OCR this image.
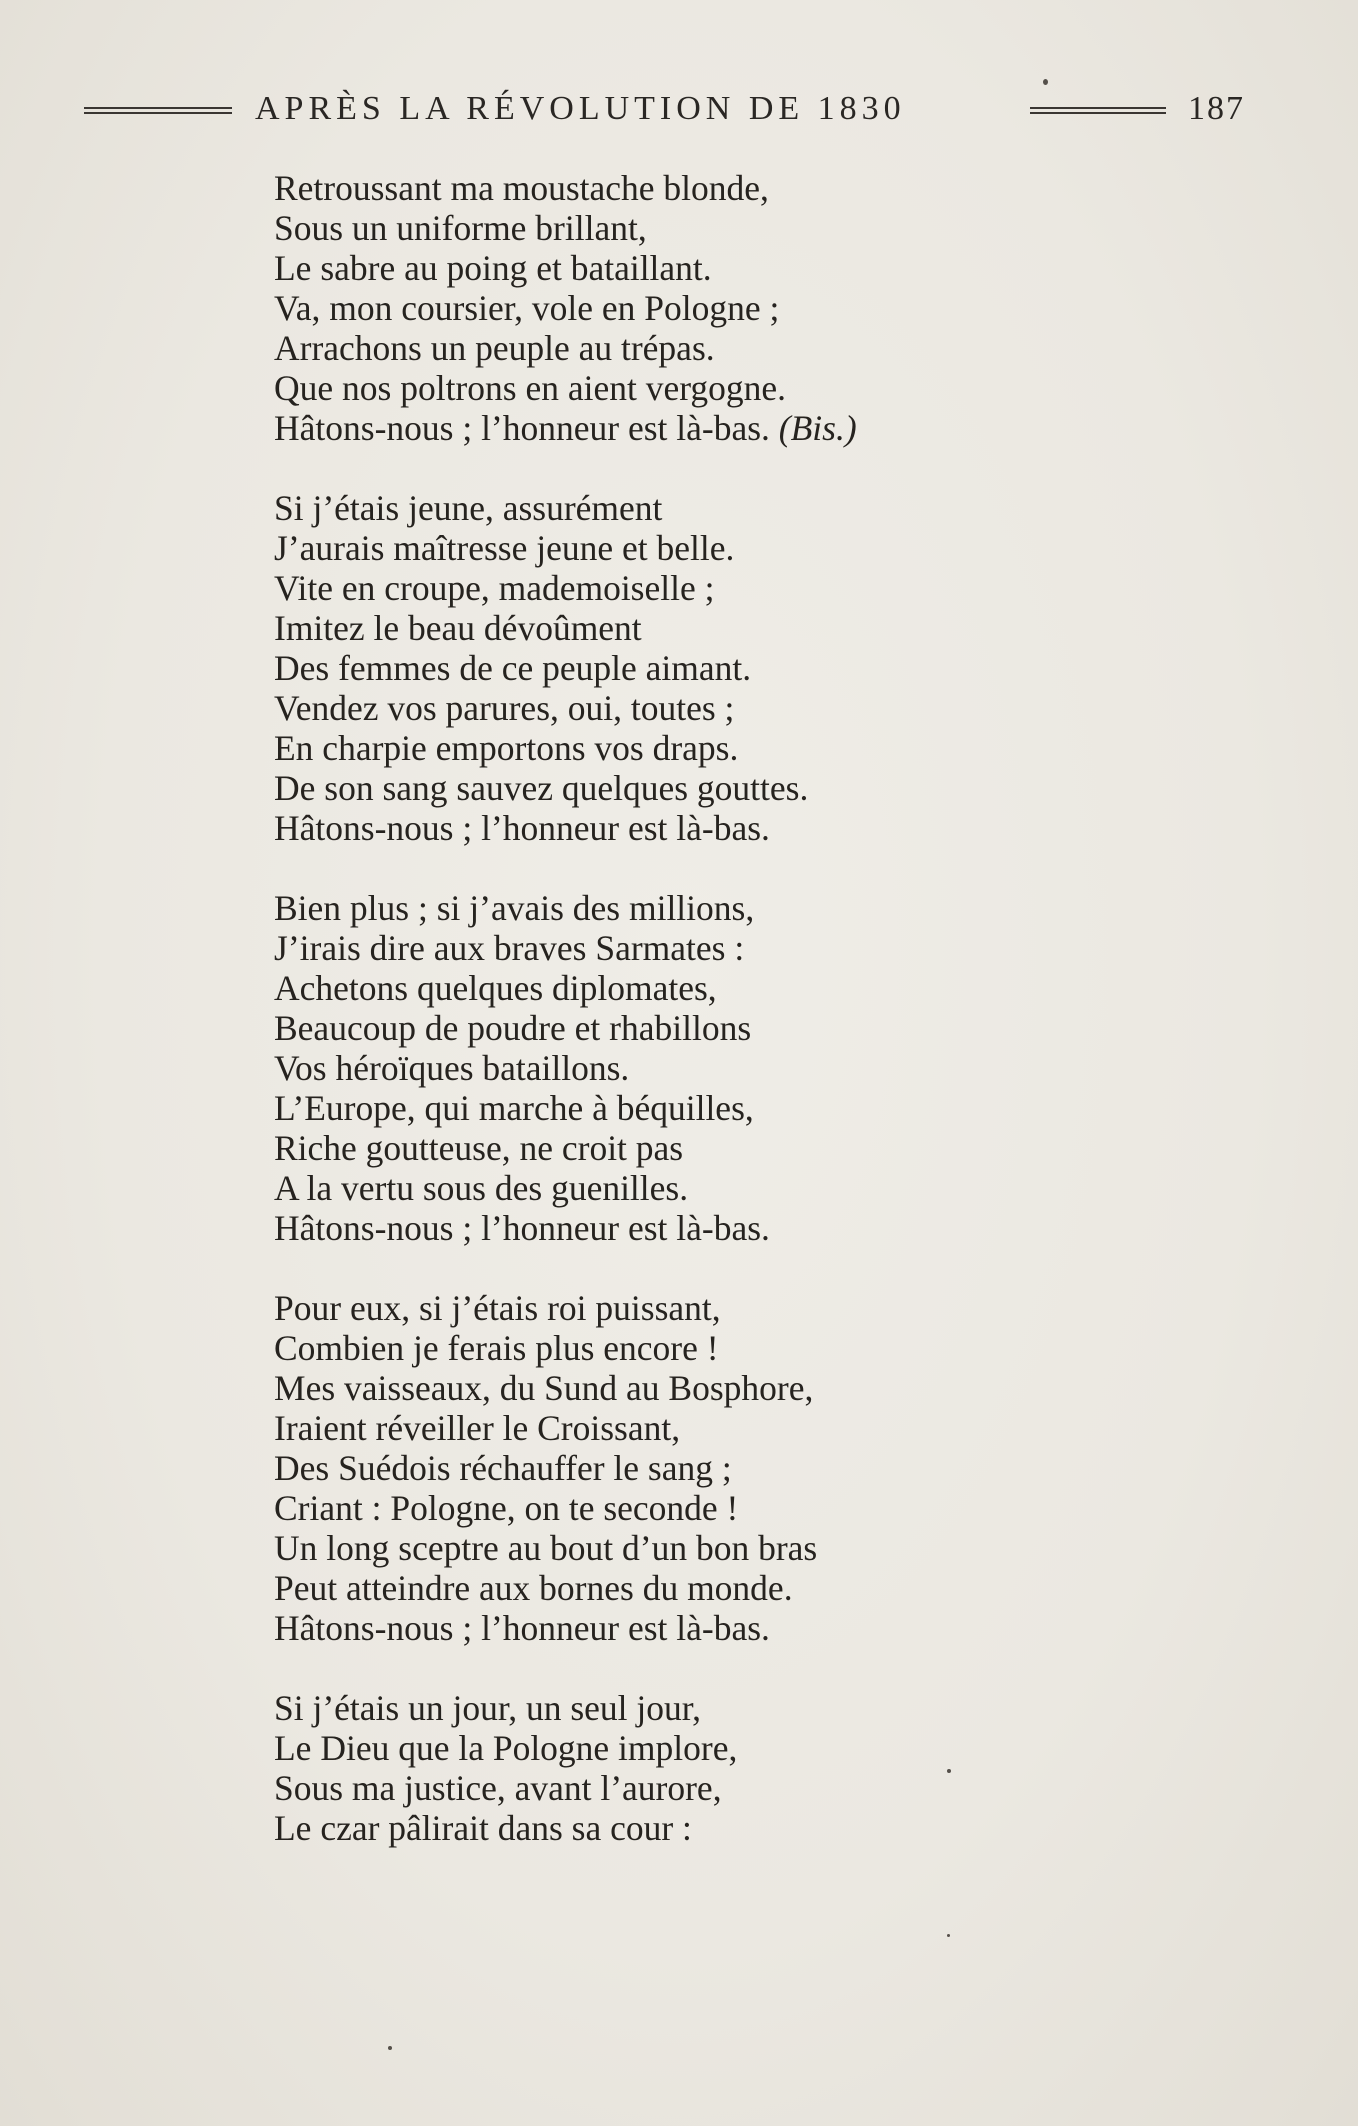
APRÈS LA RÉVOLUTION DE 1830	187
Retroussant ma moustache blonde,
Sous un uniforme brillant,
Le sabre au poing et bataillant.
Va, mon coursier, vole en Pologne ;
Arrachons un peuple au trépas.
Que nos poltrons en aient vergogne.
Hâtons-nous ; l’honneur est là-bas. (Bis.)
Si j’étais jeune, assurément
J’aurais maîtresse jeune et belle.
Vite en croupe, mademoiselle ;
Imitez le beau dévoûment
Des femmes de ce peuple aimant.
Vendez vos parures, oui, toutes ;
En charpie emportons vos draps.
De son sang sauvez quelques gouttes.
Hâtons-nous ; l’honneur est là-bas.
Bien plus ; si j’avais des millions,
J’irais dire aux braves Sarmates :
Achetons quelques diplomates,
Beaucoup de poudre et rhabillons
Vos héroïques bataillons.
L’Europe, qui marche à béquilles,
Riche goutteuse, ne croit pas
A la vertu sous des guenilles.
Hâtons-nous ; l’honneur est là-bas.
Pour eux, si j’étais roi puissant,
Combien je ferais plus encore !
Mes vaisseaux, du Sund au Bosphore,
Iraient réveiller le Croissant,
Des Suédois réchauffer le sang ;
Criant : Pologne, on te seconde !
Un long sceptre au bout d’un bon bras
Peut atteindre aux bornes du monde.
Hâtons-nous ; l’honneur est là-bas.
Si j’étais un jour, un seul jour,
Le Dieu que la Pologne implore,
Sous ma justice, avant l’aurore,
Le czar pâlirait dans sa cour :
